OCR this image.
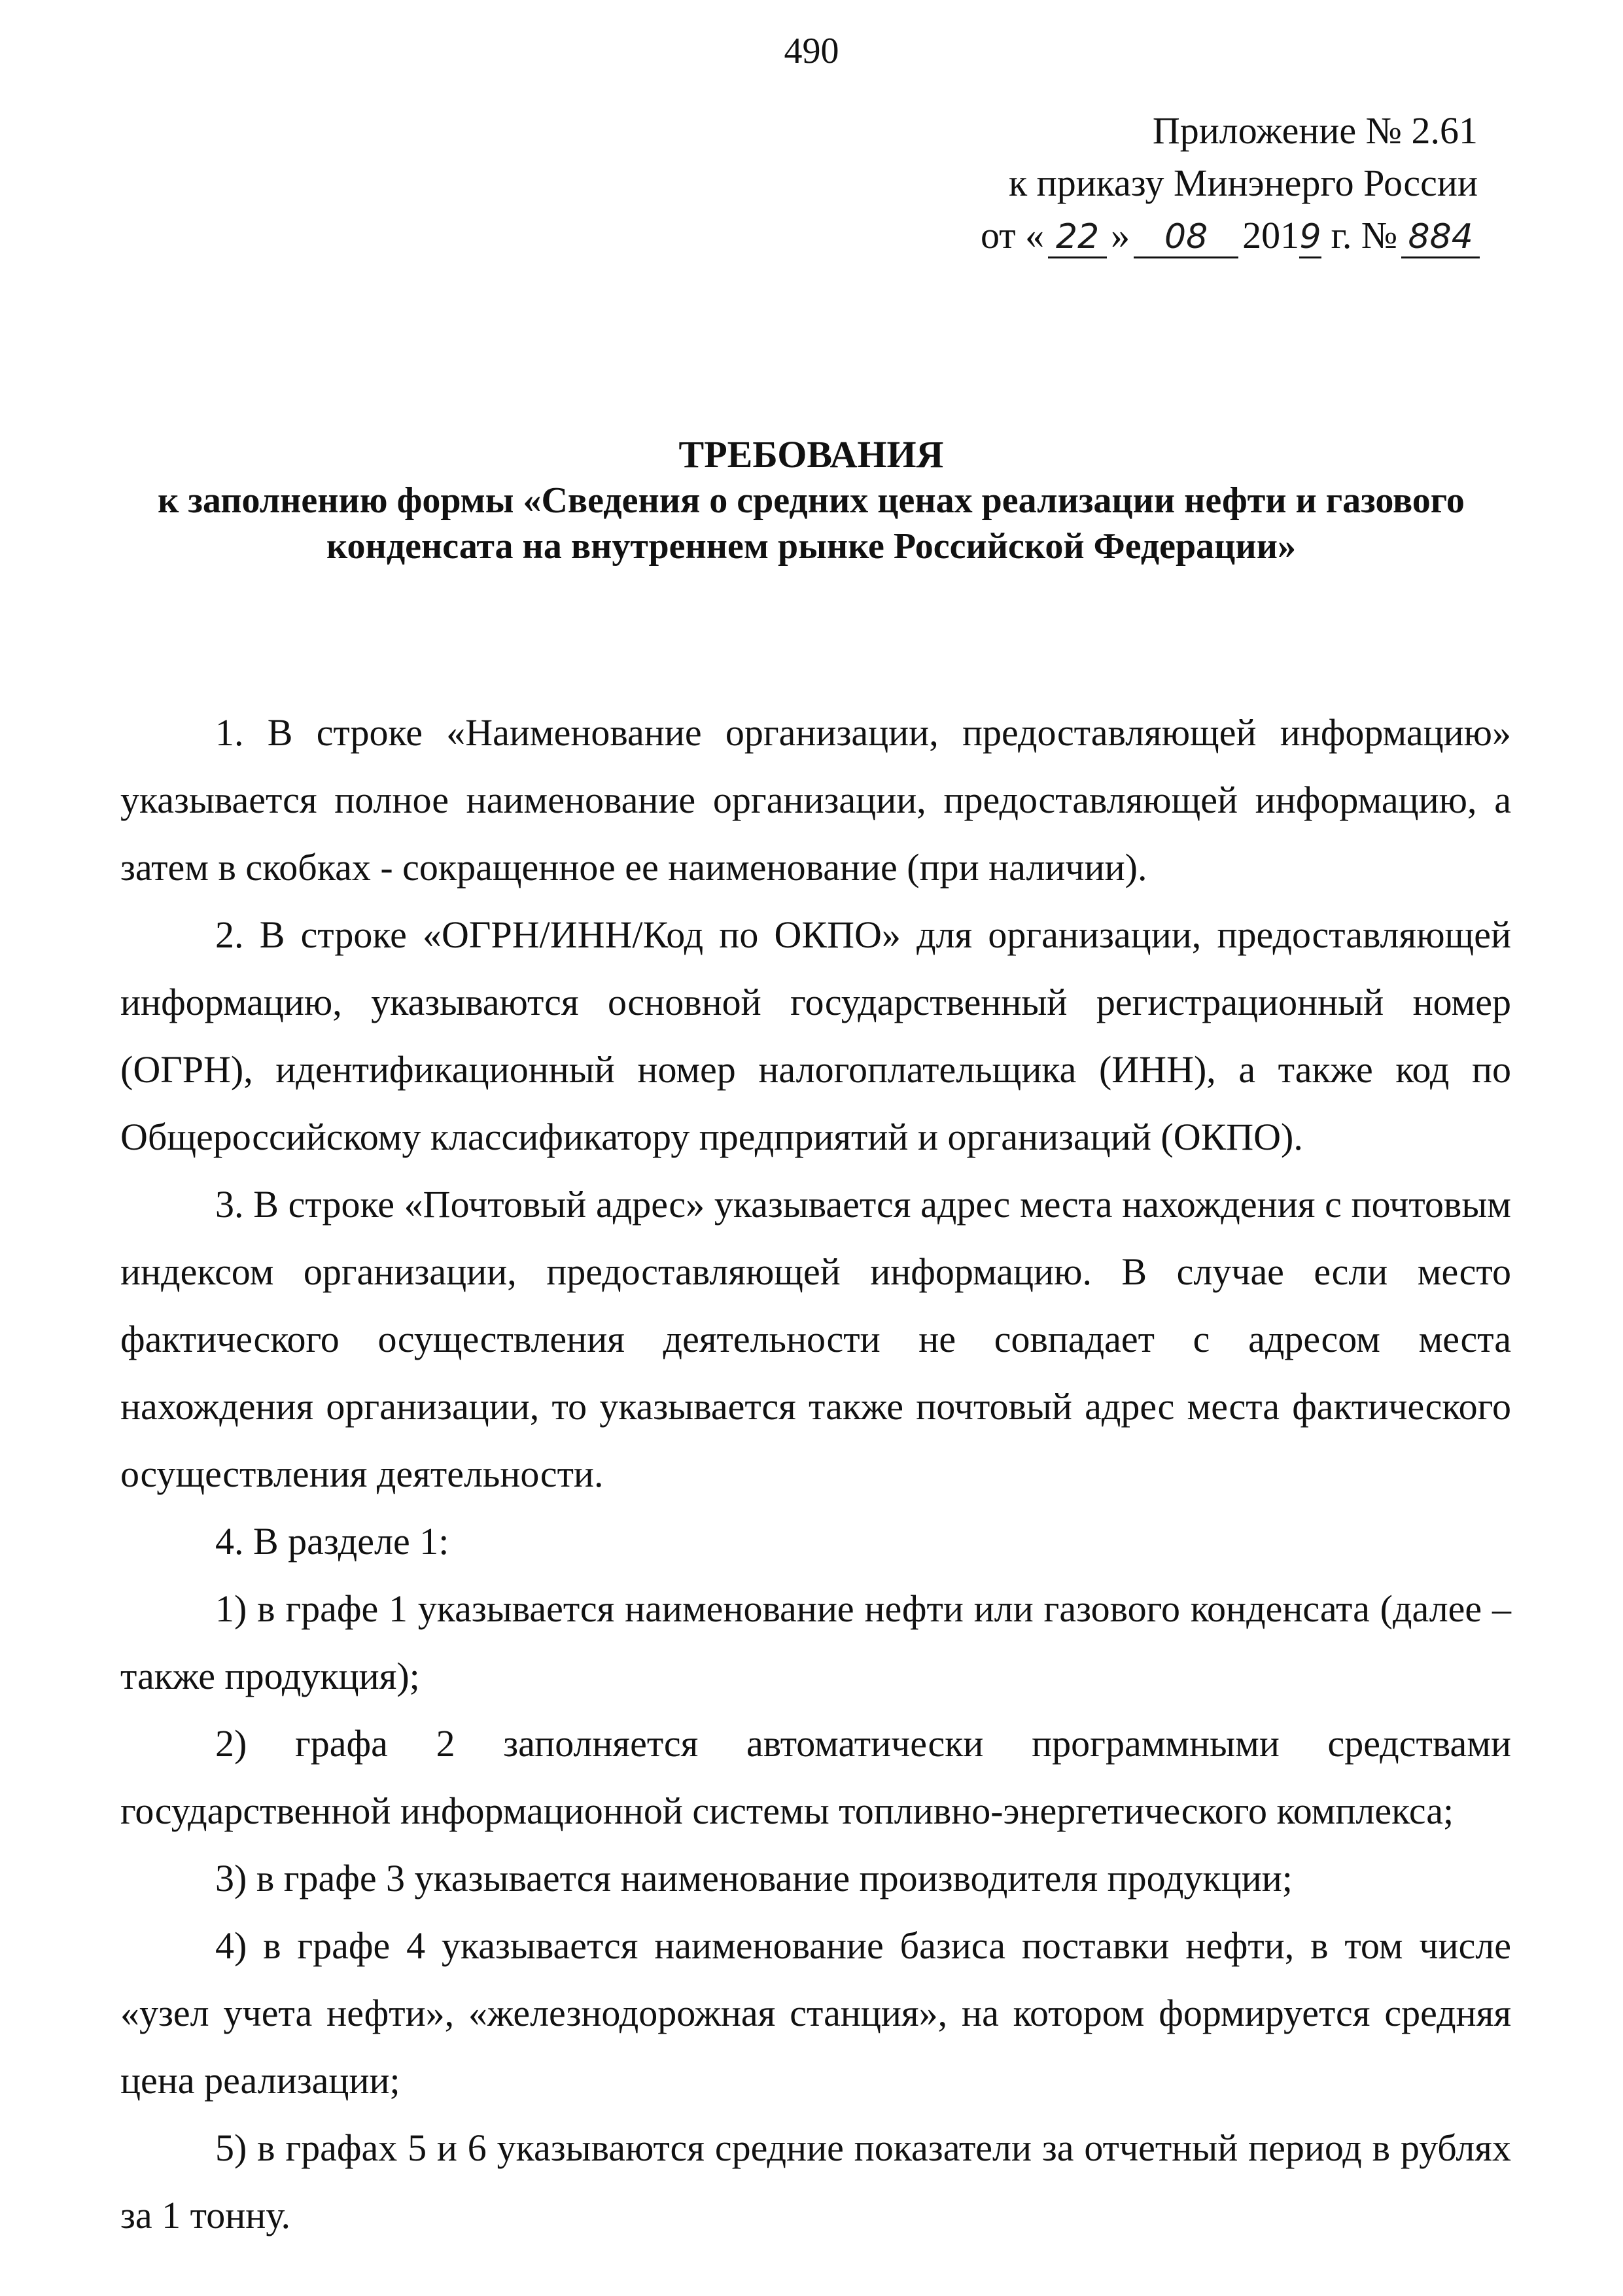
490
Приложение № 2.61
к приказу Минэнерго России
от « 22 » 08 2019 г. № 884
ТРЕБОВАНИЯ
к заполнению формы «Сведения о средних ценах реализации нефти и газового
конденсата на внутреннем рынке Российской Федерации»

1. В строке «Наименование организации, предоставляющей информацию» указывается полное наименование организации, предоставляющей информацию, а затем в скобках - сокращенное ее наименование (при наличии).

2. В строке «ОГРН/ИНН/Код по ОКПО» для организации, предоставляющей информацию, указываются основной государственный регистрационный номер (ОГРН), идентификационный номер налогоплательщика (ИНН), а также код по Общероссийскому классификатору предприятий и организаций (ОКПО).

3. В строке «Почтовый адрес» указывается адрес места нахождения с почтовым индексом организации, предоставляющей информацию. В случае если место фактического осуществления деятельности не совпадает с адресом места нахождения организации, то указывается также почтовый адрес места фактического осуществления деятельности.

4. В разделе 1:

1) в графе 1 указывается наименование нефти или газового конденсата (далее – также продукция);

2) графа 2 заполняется автоматически программными средствами государственной информационной системы топливно-энергетического комплекса;

3) в графе 3 указывается наименование производителя продукции;

4) в графе 4 указывается наименование базиса поставки нефти, в том числе «узел учета нефти», «железнодорожная станция», на котором формируется средняя цена реализации;

5) в графах 5 и 6 указываются средние показатели за отчетный период в рублях за 1 тонну.
